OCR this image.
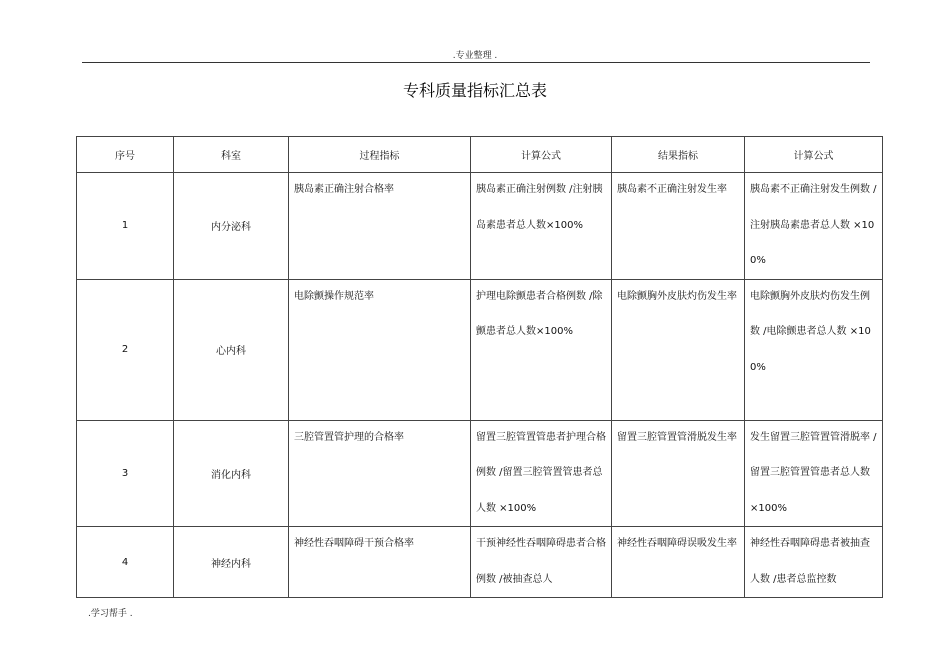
.专业整理 .
专科质量指标汇总表
序号	科室	过程指标	计算公式	结果指标	计算公式
1	内分泌科	胰岛素正确注射合格率	胰岛素正确注射例数 /注射胰岛素患者总人数×100%	胰岛素不正确注射发生率	胰岛素不正确注射发生例数 /注射胰岛素患者总人数 ×100%

2	心内科	电除颤操作规范率	护理电除颤患者合格例数 /除颤患者总人数×100%	电除颤胸外皮肤灼伤发生率	电除颤胸外皮肤灼伤发生例数 /电除颤患者总人数 ×100%

3	消化内科	三腔管置管护理的合格率	留置三腔管置管患者护理合格例数 /留置三腔管置管患者总人数 ×100%	留置三腔管置管滑脱发生率	发生留置三腔管置管滑脱率 /留置三腔管置管患者总人数 ×100%

4	神经内科	神经性吞咽障碍干预合格率	干预神经性吞咽障碍患者合格例数 /被抽查总人	神经性吞咽障碍误吸发生率	神经性吞咽障碍患者被抽查人数 /患者总监控数
.学习帮手 .
